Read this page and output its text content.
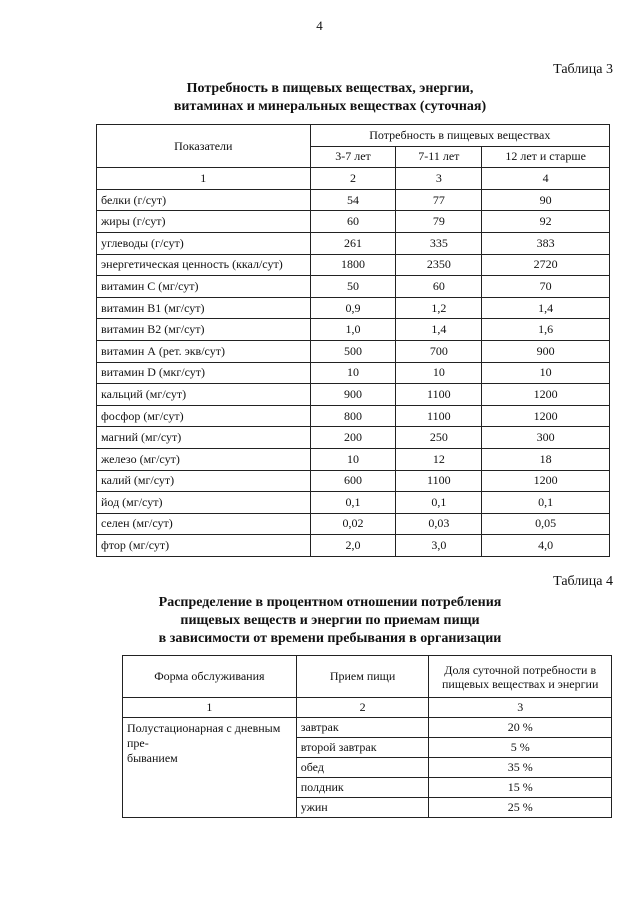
4
Таблица 3
Потребность в пищевых веществах, энергии,
витаминах и минеральных веществах (суточная)
Показатели	Потребность в пищевых веществах		
	3-7 лет	7-11 лет	12 лет и старше
1	2	3	4
белки (г/сут)	54	77	90
жиры (г/сут)	60	79	92
углеводы (г/сут)	261	335	383
энергетическая ценность (ккал/сут)	1800	2350	2720
витамин С (мг/сут)	50	60	70
витамин В1 (мг/сут)	0,9	1,2	1,4
витамин В2 (мг/сут)	1,0	1,4	1,6
витамин А (рет. экв/сут)	500	700	900
витамин D (мкг/сут)	10	10	10
кальций (мг/сут)	900	1100	1200
фосфор (мг/сут)	800	1100	1200
магний (мг/сут)	200	250	300
железо (мг/сут)	10	12	18
калий (мг/сут)	600	1100	1200
йод (мг/сут)	0,1	0,1	0,1
селен (мг/сут)	0,02	0,03	0,05
фтор (мг/сут)	2,0	3,0	4,0
Таблица 4
Распределение в процентном отношении потребления
пищевых веществ и энергии по приемам пищи
в зависимости от времени пребывания в организации
Форма обслуживания	Прием пищи	Доля суточной потребности в
пищевых веществах и энергии

1	2	3

Полустационарная с дневным пре-
быванием	завтрак	20 %
	второй завтрак	5 %
	обед	35 %
	полдник	15 %
	ужин	25 %
